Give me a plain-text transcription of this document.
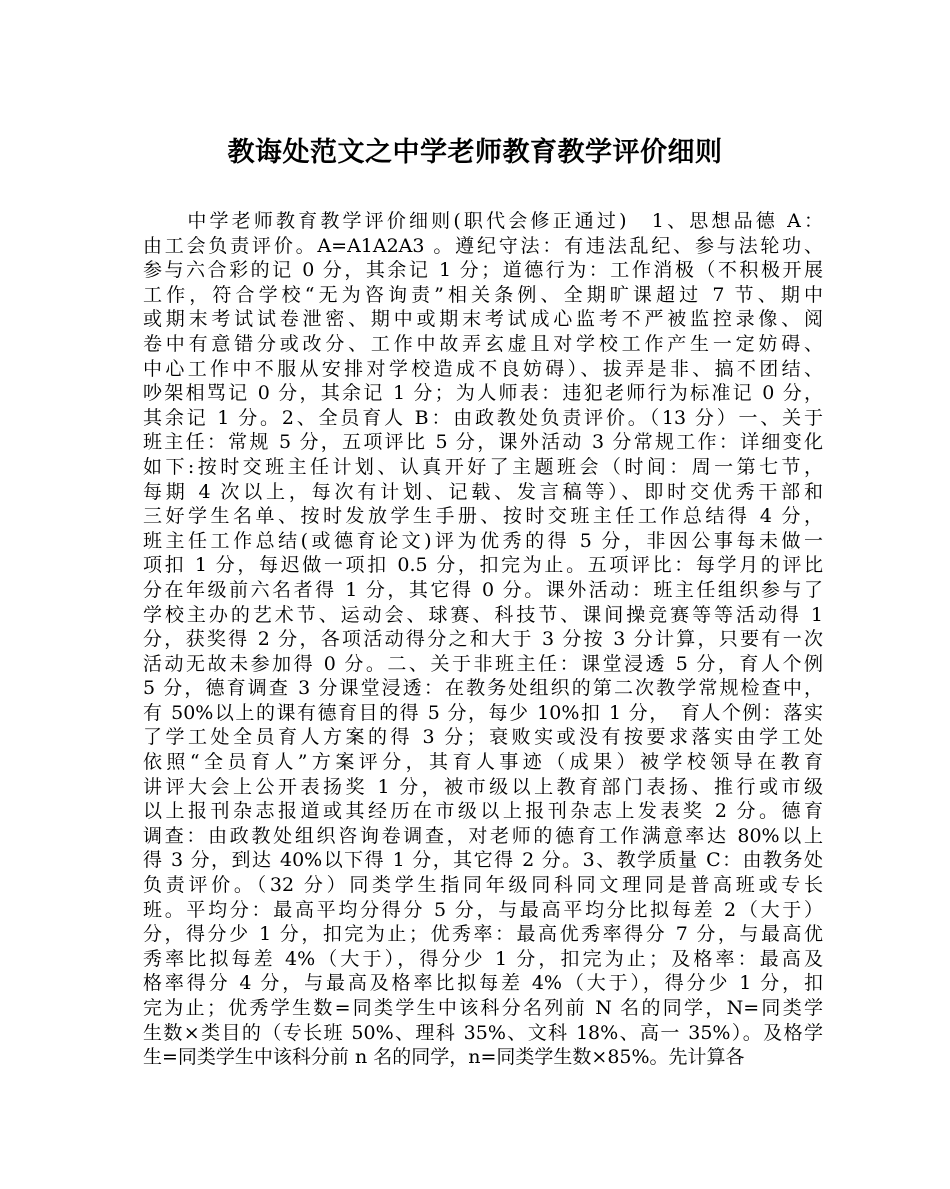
教诲处范文之中学老师教育教学评价细则
　　中学老师教育教学评价细则(职代会修正通过)　1、思想品德 A：
由工会负责评价。A=A1A2A3 。遵纪守法：有违法乱纪、参与法轮功、
参与六合彩的记 0 分，其余记 1 分；道德行为：工作消极（不积极开展
工作，符合学校“无为咨询责”相关条例、全期旷课超过 7 节、期中
或期末考试试卷泄密、期中或期末考试成心监考不严被监控录像、阅
卷中有意错分或改分、工作中故弄玄虚且对学校工作产生一定妨碍、
中心工作中不服从安排对学校造成不良妨碍）、拔弄是非、搞不团结、
吵架相骂记 0 分，其余记 1 分；为人师表：违犯老师行为标准记 0 分，
其余记 1 分。2、全员育人 B：由政教处负责评价。（13 分）一、关于
班主任：常规 5 分，五项评比 5 分，课外活动 3 分常规工作：详细变化
如下:按时交班主任计划、认真开好了主题班会（时间：周一第七节，
每期 4 次以上，每次有计划、记载、发言稿等）、即时交优秀干部和
三好学生名单、按时发放学生手册、按时交班主任工作总结得 4 分，
班主任工作总结(或德育论文)评为优秀的得 5 分，非因公事每未做一
项扣 1 分，每迟做一项扣 0.5 分，扣完为止。五项评比：每学月的评比
分在年级前六名者得 1 分，其它得 0 分。课外活动：班主任组织参与了
学校主办的艺术节、运动会、球赛、科技节、课间操竞赛等等活动得 1
分，获奖得 2 分，各项活动得分之和大于 3 分按 3 分计算，只要有一次
活动无故未参加得 0 分。二、关于非班主任：课堂浸透 5 分，育人个例
5 分，德育调查 3 分课堂浸透：在教务处组织的第二次教学常规检查中，
有 50%以上的课有德育目的得 5 分，每少 10%扣 1 分，　育人个例：落实
了学工处全员育人方案的得 3 分；衰败实或没有按要求落实由学工处
依照“全员育人”方案评分，其育人事迹（成果）被学校领导在教育
讲评大会上公开表扬奖 1 分，被市级以上教育部门表扬、推行或市级
以上报刊杂志报道或其经历在市级以上报刊杂志上发表奖 2 分。德育
调查：由政教处组织咨询卷调查，对老师的德育工作满意率达 80%以上
得 3 分，到达 40%以下得 1 分，其它得 2 分。3、教学质量 C：由教务处
负责评价。（32 分）同类学生指同年级同科同文理同是普高班或专长
班。平均分：最高平均分得分 5 分，与最高平均分比拟每差 2（大于）
分，得分少 1 分，扣完为止；优秀率：最高优秀率得分 7 分，与最高优
秀率比拟每差 4%（大于），得分少 1 分，扣完为止；及格率：最高及
格率得分 4 分，与最高及格率比拟每差 4%（大于），得分少 1 分，扣
完为止；优秀学生数=同类学生中该科分名列前 N 名的同学，N=同类学
生数×类目的（专长班 50%、理科 35%、文科 18%、高一 35%）。及格学
生=同类学生中该科分前 n 名的同学，n=同类学生数×85%。先计算各
